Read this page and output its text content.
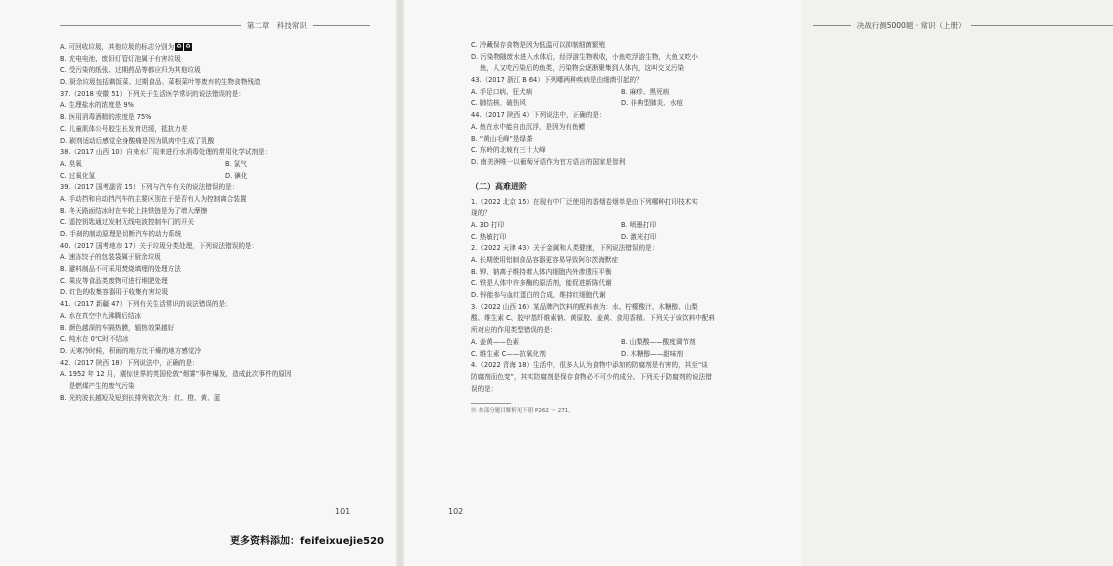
第二章　科技常识
A. 可回收垃圾，其他垃圾的标志分别为 ♻ ♻
B. 充电电池、废旧灯管灯泡属于有害垃圾
C. 受污染的纸张、过期药品等都应归为其他垃圾
D. 厨余垃圾包括剩饭菜、过期食品、菜根菜叶等废弃的生物食物残渣
37.（2018 安徽 51）下列关于生活医学常识的说法错误的是：
A. 生理盐水的浓度是 9%
B. 医用消毒酒精的浓度是 75%
C. 儿童肌体公号胶生长发育迟缓，抵抗力差
D. 刷剂适动后感觉全身酸痛是因为肌肉中生成了乳酸
38.（2017 山西 10）自来水厂用来进行水消毒处理的常用化学试剂是：
A. 臭氧	B. 氯气
C. 过氧化氢	D. 碘化
39.（2017 国考副省 15）下列与汽车有关的说法错误的是：
A. 手动挡和自动挡汽车的主要区别在于是否有人为控制离合装置
B. 冬天路面结冰时在车轮上挂铁链是为了增大摩擦
C. 遥控钥匙通过发射无线电波控制车门的开关
D. 手刹的制动原理是切断汽车的动力系统
40.（2017 国考地市 17）关于垃圾分类处理，下列说法错误的是：
A. 速冻饺子的包装袋属于厨余垃圾
B. 避料制品不可采用焚烧填埋的处理方法
C. 果皮等食品类废物可进行堆肥处理
D. 红色的收集容器用于收集有害垃圾
41.（2017 新疆 47）下列有关生活常识的说法错误的是：
A. 水在真空中九沸腾后结冰
B. 颜色越深的车隔热膜，辐热效果越好
C. 纯水在 0℃时不结冰
D. 天寒冷时候，积雨的地方比干燥的地方感觉冷
42.（2017 陕西 18）下列说法中，正确的是：
A. 1952 年 12 月，震惊世界的英国伦敦“烟雾”事件爆发，造成此次事件的原因
　 是燃煤产生的废气污染
B. 光的波长越短及短到长排列依次为：红、橙、黄、蓝
101
决战行测5000题 · 常识（上册）
C. 冷藏保存食物是因为低温可以抑制细菌繁殖
D. 污染物随废水进入水体后，经浮游生物吸收，小鱼吃浮游生物，大鱼又吃小
　 鱼，人又吃污染后的鱼类，污染物会逐渐聚集到人体内，这叫交叉污染
43.（2017 浙江 B 64）下列哪两种疾病是由细菌引起的？
A. 手足口病、狂犬病	B. 麻疹、黑死病
C. 肺结核、破伤风	D. 非典型肺炎、水痘
44.（2017 陕西 4）下列说法中，正确的是：
A. 鱼在水中能自由沉浮，是因为有鱼鳔
B. “黄山毛峰”是绿茶
C. 东岭的北坡有三十大峰
D. 南美洲唯一以葡萄牙语作为官方语言的国家是智利
（二）高难进阶
1.（2022 北京 15）在现有中厂泛使用的香烟卷烟单是由下列哪种打印技术实
现的？
A. 3D 打印	B. 喷墨打印
C. 热敏打印	D. 激光打印
2.（2022 天津 43）关于金属和人类健康，下列说法错误的是：
A. 长期使用铝制食品容器更容易导致阿尔茨海默症
B. 钾、钠离子维持着人体内细胞内外渗透压平衡
C. 铁是人体中许多酶的原活剂，能促进新陈代谢
D. 锌能参与血红蛋白的合成，维持红细胞代谢
3.（2022 山西 16）某品牌汽饮料的配料表为：水、柠檬酸汁、木糖醇、山梨
酸、维生素 C、胶甲基纤维素钠、黄原胶、姜黄、食用香精。下列关于该饮料中配料
所对应的作用类型错误的是：
A. 姜黄——色素	B. 山梨酸——酸度调节剂
C. 维生素 C——抗氧化剂	D. 木糖醇——甜味剂
4.（2022 青海 18）生活中，很多人认为食物中添加的防腐剂是有害的，其至“谈
防腐剂而色变”，其实防腐剂是保存食物必不可少的成分。下列关于防腐剂的说法错
误的是：
⑱ 本部分题目解析见下册 P262 ～ 271。
102
更多资料添加：feifeixuejie520
